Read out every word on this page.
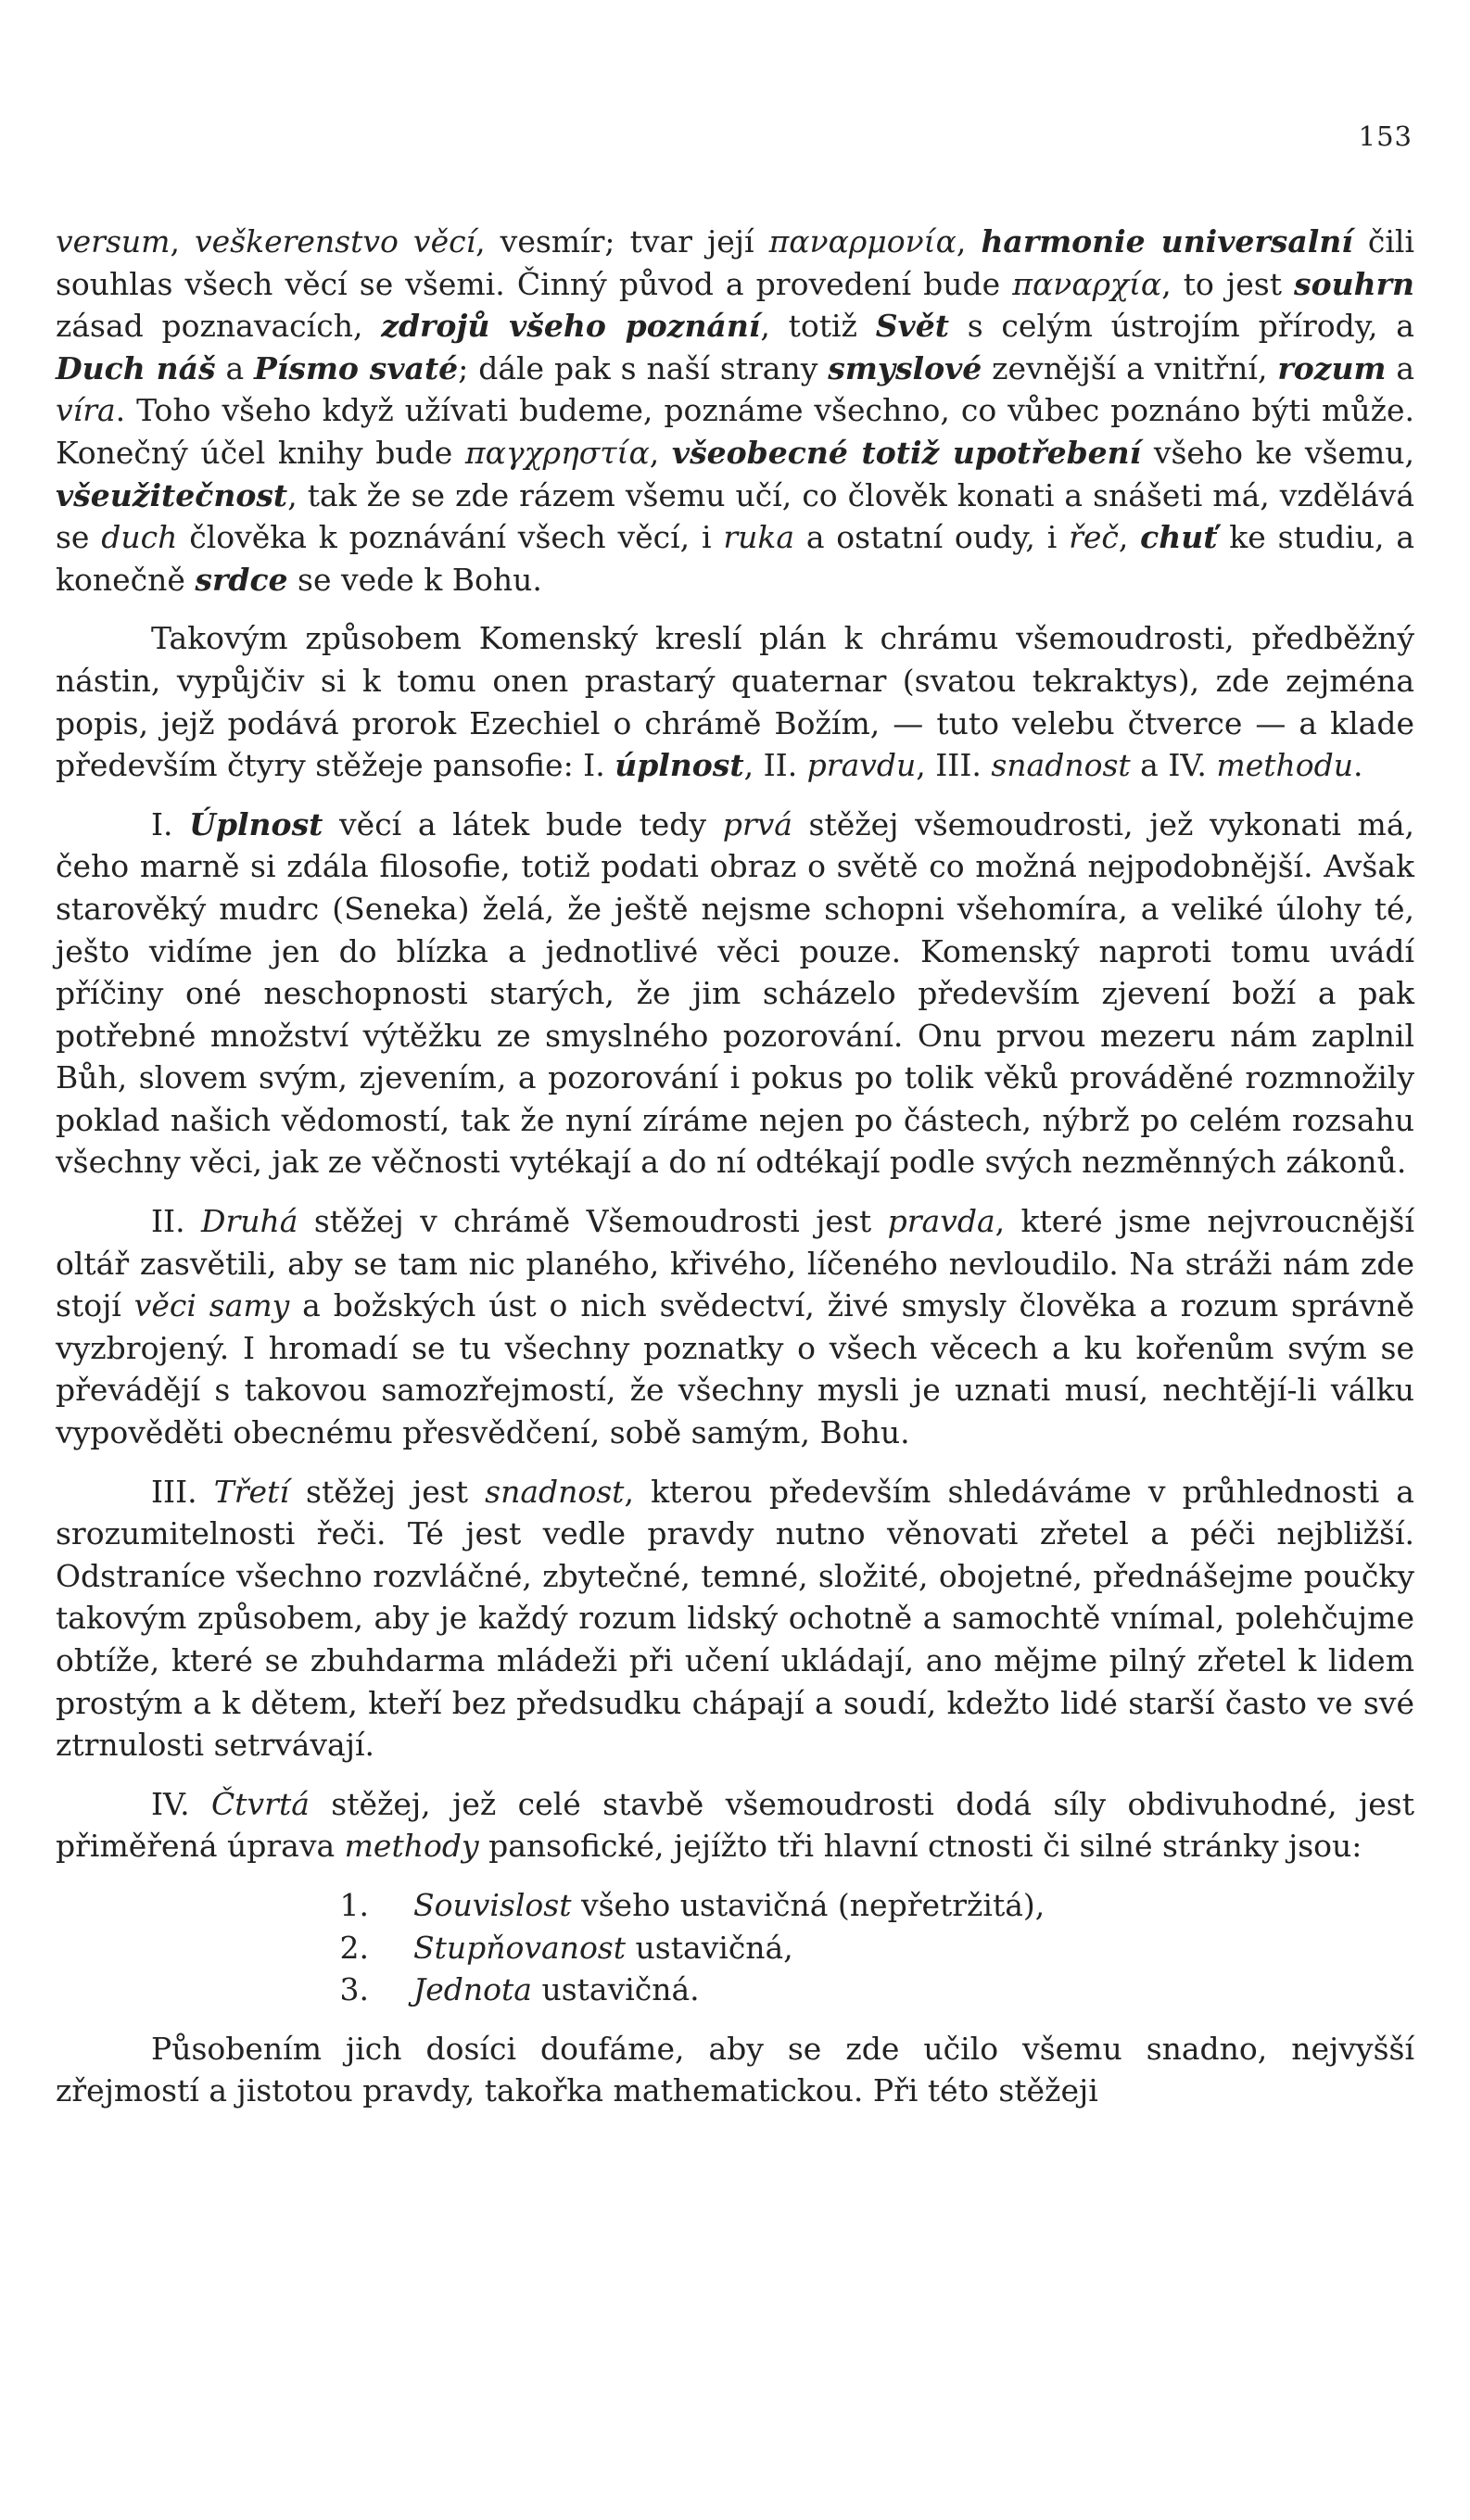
153

versum, veškerenstvo věcí, vesmír; tvar její παναρμονία, harmonie universalní čili souhlas všech věcí se všemi. Činný původ a provedení bude παναρχία, to jest souhrn zásad poznavacích, zdrojů všeho poznání, totiž Svět s celým ústrojím přírody, a Duch náš a Písmo svaté; dále pak s naší strany smyslové zevnější a vnitřní, rozum a víra. Toho všeho když užívati budeme, poznáme všechno, co vůbec poznáno býti může. Konečný účel knihy bude παγχρηστία, všeobecné totiž upotřebení všeho ke všemu, všeužitečnost, tak že se zde rázem všemu učí, co člověk konati a snášeti má, vzdělává se duch člověka k poznávání všech věcí, i ruka a ostatní oudy, i řeč, chuť ke studiu, a konečně srdce se vede k Bohu.

Takovým způsobem Komenský kreslí plán k chrámu všemoudrosti, předběžný nástin, vypůjčiv si k tomu onen prastarý quaternar (svatou tekraktys), zde zejména popis, jejž podává prorok Ezechiel o chrámě Božím, — tuto velebu čtverce — a klade především čtyry stěžeje pansofie: I. úplnost, II. pravdu, III. snadnost a IV. methodu.

I. Úplnost věcí a látek bude tedy prvá stěžej všemoudrosti, jež vykonati má, čeho marně si zdála filosofie, totiž podati obraz o světě co možná nejpodobnější. Avšak starověký mudrc (Seneka) želá, že ještě nejsme schopni všehomíra, a veliké úlohy té, ješto vidíme jen do blízka a jednotlivé věci pouze. Komenský naproti tomu uvádí příčiny oné neschopnosti starých, že jim scházelo především zjevení boží a pak potřebné množství výtěžku ze smyslného pozorování. Onu prvou mezeru nám zaplnil Bůh, slovem svým, zjevením, a pozorování i pokus po tolik věků prováděné rozmnožily poklad našich vědomostí, tak že nyní zíráme nejen po částech, nýbrž po celém rozsahu všechny věci, jak ze věčnosti vytékají a do ní odtékají podle svých nezměnných zákonů.

II. Druhá stěžej v chrámě Všemoudrosti jest pravda, které jsme nejvroucnější oltář zasvětili, aby se tam nic planého, křivého, líčeného nevloudilo. Na stráži nám zde stojí věci samy a božských úst o nich svědectví, živé smysly člověka a rozum správně vyzbrojený. I hromadí se tu všechny poznatky o všech věcech a ku kořenům svým se převádějí s takovou samozřejmostí, že všechny mysli je uznati musí, nechtějí-li válku vypověděti obecnému přesvědčení, sobě samým, Bohu.

III. Třetí stěžej jest snadnost, kterou především shledáváme v průhlednosti a srozumitelnosti řeči. Té jest vedle pravdy nutno věnovati zřetel a péči nejbližší. Odstraníce všechno rozvláčné, zbytečné, temné, složité, obojetné, přednášejme poučky takovým způsobem, aby je každý rozum lidský ochotně a samochtě vnímal, polehčujme obtíže, které se zbuhdarma mládeži při učení ukládají, ano mějme pilný zřetel k lidem prostým a k dětem, kteří bez předsudku chápají a soudí, kdežto lidé starší často ve své ztrnulosti setrvávají.

IV. Čtvrtá stěžej, jež celé stavbě všemoudrosti dodá síly obdivuhodné, jest přiměřená úprava methody pansofické, jejížto tři hlavní ctnosti či silné stránky jsou:

1.	Souvislost všeho ustavičná (nepřetržitá),
2.	Stupňovanost ustavičná,
3.	Jednota ustavičná.

Působením jich dosíci doufáme, aby se zde učilo všemu snadno, nejvyšší zřejmostí a jistotou pravdy, takořka mathematickou. Při této stěžeji
